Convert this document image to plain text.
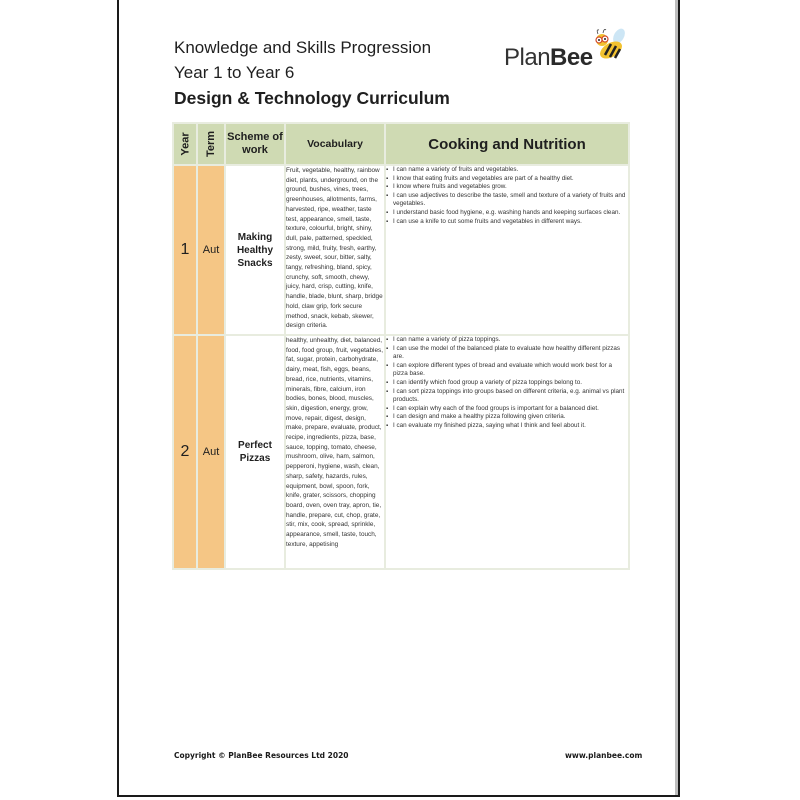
Knowledge and Skills Progression
Year 1 to Year 6
Design & Technology Curriculum
PlanBee
Year	Term	Scheme of work	Vocabulary	Cooking and Nutrition
1	Aut	Making Healthy Snacks	Fruit, vegetable, healthy, rainbow diet, plants, underground, on the ground, bushes, vines, trees, greenhouses, allotments, farms, harvested, ripe, weather, taste test, appearance, smell, taste, texture, colourful, bright, shiny, dull, pale, patterned, speckled, strong, mild, fruity, fresh, earthy, zesty, sweet, sour, bitter, salty, tangy, refreshing, bland, spicy, crunchy, soft, smooth, chewy, juicy, hard, crisp, cutting, knife, handle, blade, blunt, sharp, bridge hold, claw grip, fork secure method, snack, kebab, skewer, design criteria.	
▪ I can name a variety of fruits and vegetables.
▪ I know that eating fruits and vegetables are part of a healthy diet.
▪ I know where fruits and vegetables grow.
▪ I can use adjectives to describe the taste, smell and texture of a variety of fruits and vegetables.
▪ I understand basic food hygiene, e.g. washing hands and keeping surfaces clean.
▪ I can use a knife to cut some fruits and vegetables in different ways.

2	Aut	Perfect Pizzas	healthy, unhealthy, diet, balanced, food, food group, fruit, vegetables, fat, sugar, protein, carbohydrate, dairy, meat, fish, eggs, beans, bread, rice, nutrients, vitamins, minerals, fibre, calcium, iron bodies, bones, blood, muscles, skin, digestion, energy, grow, move, repair, digest, design, make, prepare, evaluate, product, recipe, ingredients, pizza, base, sauce, topping, tomato, cheese, mushroom, olive, ham, salmon, pepperoni, hygiene, wash, clean, sharp, safety, hazards, rules, equipment, bowl, spoon, fork, knife, grater, scissors, chopping board, oven, oven tray, apron, tie, handle, prepare, cut, chop, grate, stir, mix, cook, spread, sprinkle, appearance, smell, taste, touch, texture, appetising	
▪ I can name a variety of pizza toppings.
▪ I can use the model of the balanced plate to evaluate how healthy different pizzas are.
▪ I can explore different types of bread and evaluate which would work best for a pizza base.
▪ I can identify which food group a variety of pizza toppings belong to.
▪ I can sort pizza toppings into groups based on different criteria, e.g. animal vs plant products.
▪ I can explain why each of the food groups is important for a balanced diet.
▪ I can design and make a healthy pizza following given criteria.
▪ I can evaluate my finished pizza, saying what I think and feel about it.
Copyright © PlanBee Resources Ltd 2020	www.planbee.com
